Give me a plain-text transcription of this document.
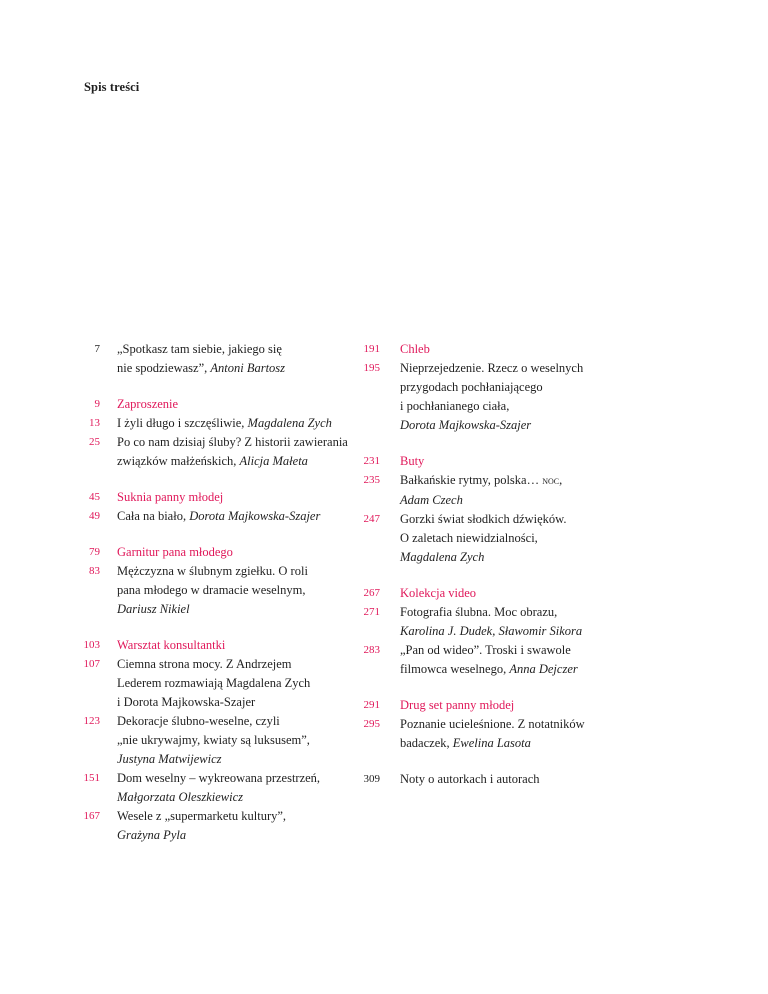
Spis treści
7 „Spotkasz tam siebie, jakiego się
nie spodziewasz”, Antoni Bartosz
9 Zaproszenie
13 I żyli długo i szczęśliwie, Magdalena Zych
25 Po co nam dzisiaj śluby? Z historii zawierania
związków małżeńskich, Alicja Małeta
45 Suknia panny młodej
49 Cała na biało, Dorota Majkowska-Szajer
79 Garnitur pana młodego
83 Mężczyzna w ślubnym zgiełku. O roli
pana młodego w dramacie weselnym,
Dariusz Nikiel
103 Warsztat konsultantki
107 Ciemna strona mocy. Z Andrzejem
Lederem rozmawiają Magdalena Zych
i Dorota Majkowska-Szajer
123 Dekoracje ślubno-weselne, czyli
„nie ukrywajmy, kwiaty są luksusem”,
Justyna Matwijewicz
151 Dom weselny – wykreowana przestrzeń,
Małgorzata Oleszkiewicz
167 Wesele z „supermarketu kultury”,
Grażyna Pyla
191 Chleb
195 Nieprzejedzenie. Rzecz o weselnych
przygodach pochłaniającego
i pochłanianego ciała,
Dorota Majkowska-Szajer
231 Buty
235 Bałkańskie rytmy, polska… noc,
Adam Czech
247 Gorzki świat słodkich dźwięków.
O zaletach niewidzialności,
Magdalena Zych
267 Kolekcja video
271 Fotografia ślubna. Moc obrazu,
Karolina J. Dudek, Sławomir Sikora
283 „Pan od wideo”. Troski i swawole
filmowca weselnego, Anna Dejczer
291 Drug set panny młodej
295 Poznanie ucieleśnione. Z notatników
badaczek, Ewelina Lasota
309 Noty o autorkach i autorach
